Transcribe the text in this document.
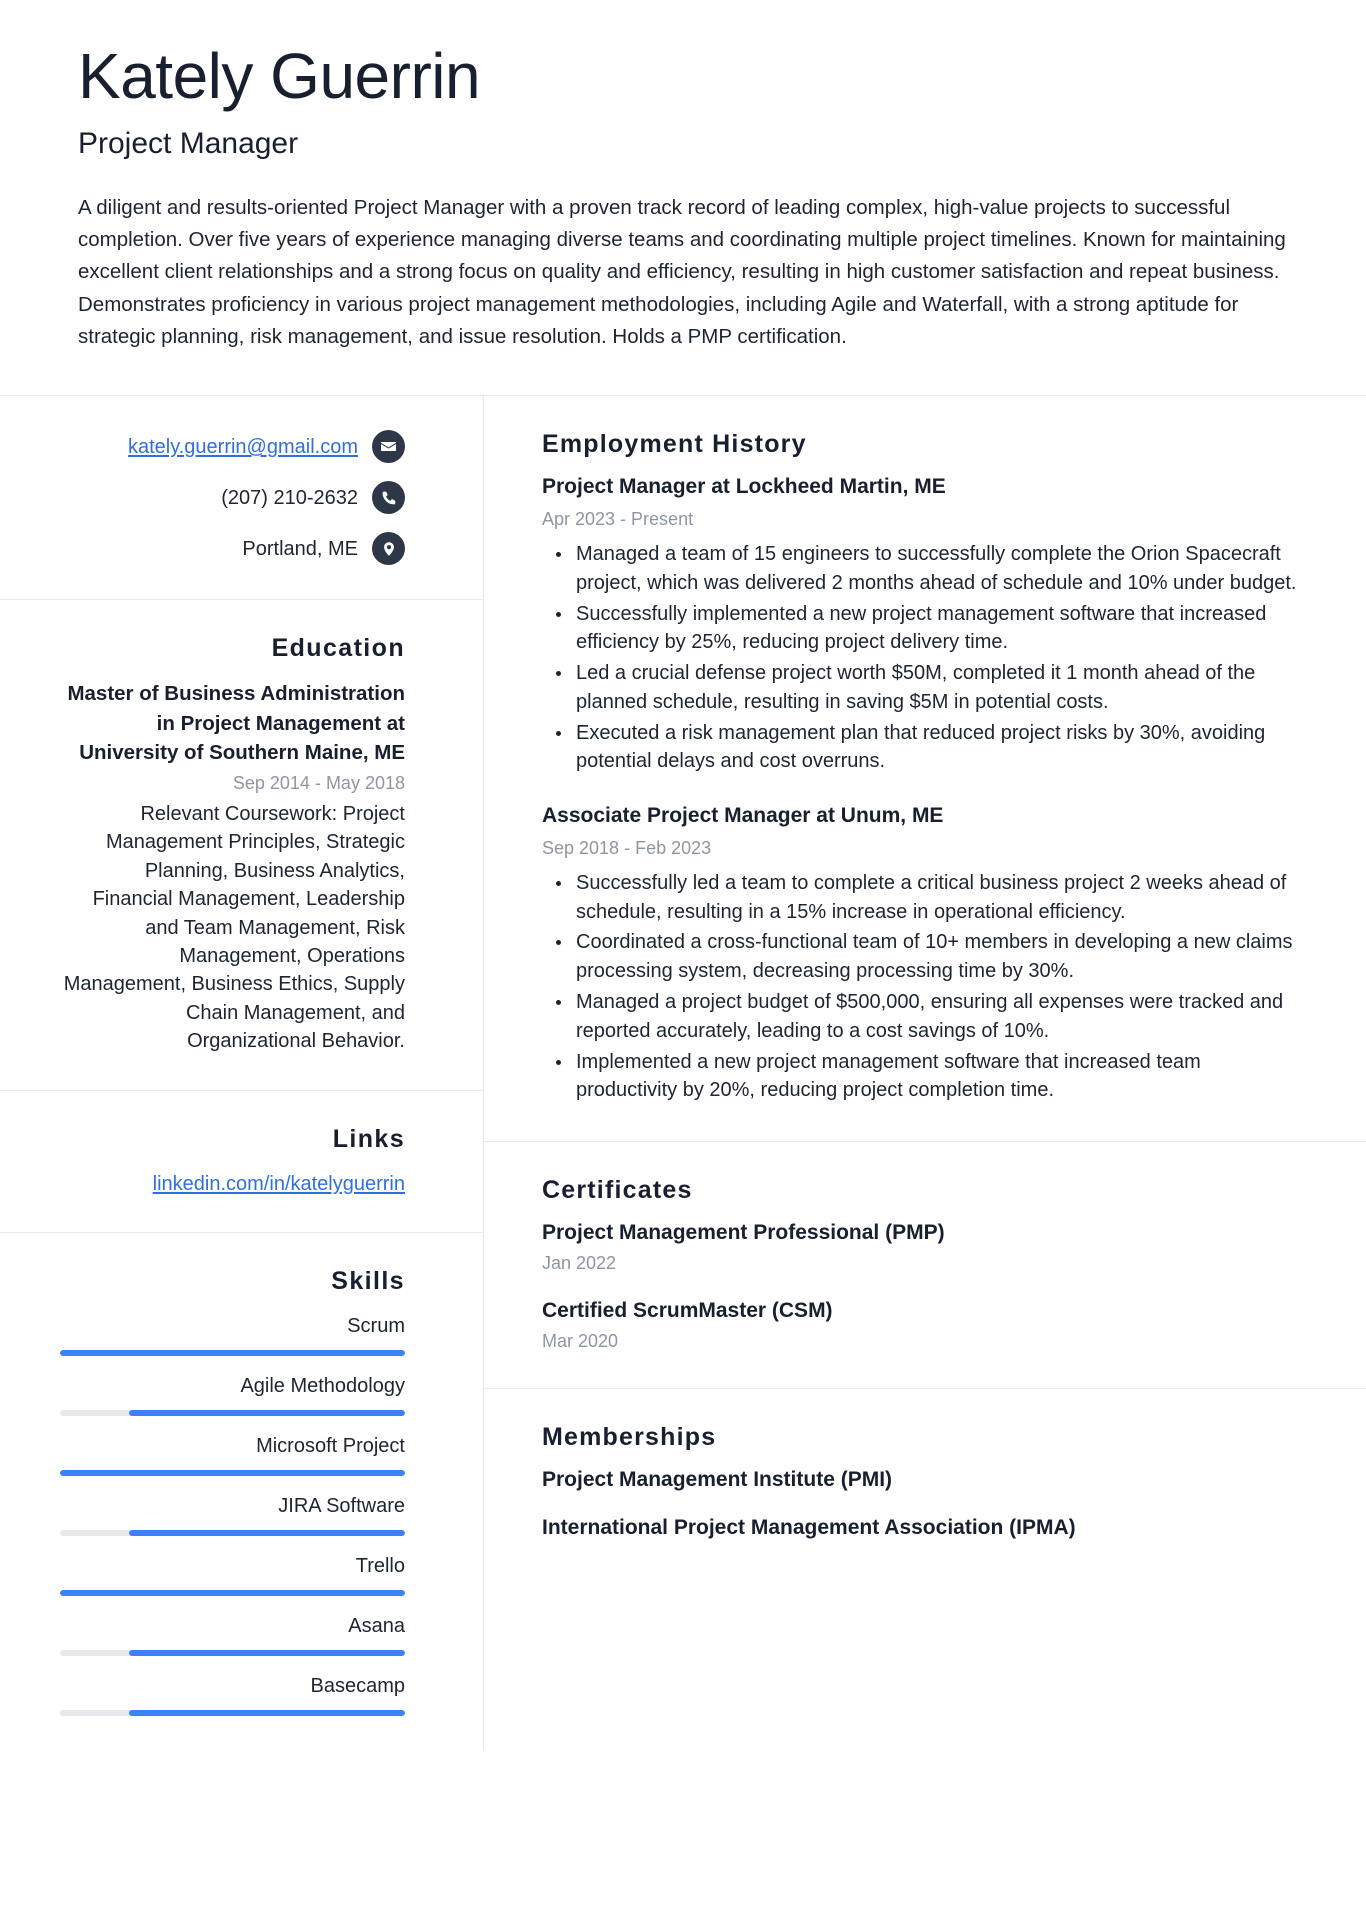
Kately Guerrin
Project Manager
A diligent and results-oriented Project Manager with a proven track record of leading complex, high-value projects to successful completion. Over five years of experience managing diverse teams and coordinating multiple project timelines. Known for maintaining excellent client relationships and a strong focus on quality and efficiency, resulting in high customer satisfaction and repeat business. Demonstrates proficiency in various project management methodologies, including Agile and Waterfall, with a strong aptitude for strategic planning, risk management, and issue resolution. Holds a PMP certification.
kately.guerrin@gmail.com
(207) 210-2632
Portland, ME
Education
Master of Business Administration in Project Management at University of Southern Maine, ME
Sep 2014 - May 2018
Relevant Coursework: Project Management Principles, Strategic Planning, Business Analytics, Financial Management, Leadership and Team Management, Risk Management, Operations Management, Business Ethics, Supply Chain Management, and Organizational Behavior.
Links
linkedin.com/in/katelyguerrin
Skills
Scrum
Agile Methodology
Microsoft Project
JIRA Software
Trello
Asana
Basecamp
Employment History
Project Manager at Lockheed Martin, ME
Apr 2023 - Present
Managed a team of 15 engineers to successfully complete the Orion Spacecraft project, which was delivered 2 months ahead of schedule and 10% under budget.
Successfully implemented a new project management software that increased efficiency by 25%, reducing project delivery time.
Led a crucial defense project worth $50M, completed it 1 month ahead of the planned schedule, resulting in saving $5M in potential costs.
Executed a risk management plan that reduced project risks by 30%, avoiding potential delays and cost overruns.
Associate Project Manager at Unum, ME
Sep 2018 - Feb 2023
Successfully led a team to complete a critical business project 2 weeks ahead of schedule, resulting in a 15% increase in operational efficiency.
Coordinated a cross-functional team of 10+ members in developing a new claims processing system, decreasing processing time by 30%.
Managed a project budget of $500,000, ensuring all expenses were tracked and reported accurately, leading to a cost savings of 10%.
Implemented a new project management software that increased team productivity by 20%, reducing project completion time.
Certificates
Project Management Professional (PMP)
Jan 2022
Certified ScrumMaster (CSM)
Mar 2020
Memberships
Project Management Institute (PMI)
International Project Management Association (IPMA)
